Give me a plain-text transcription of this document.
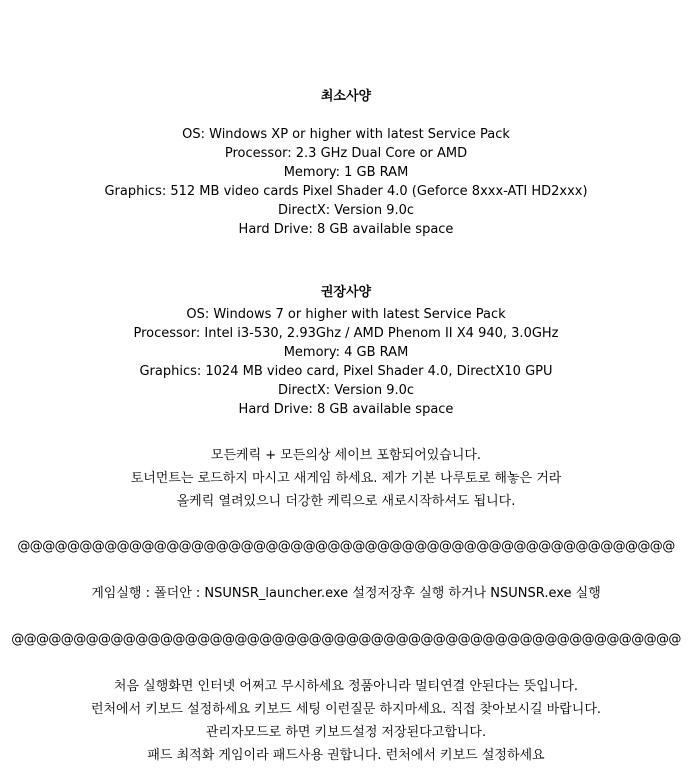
최소사양
OS: Windows XP or higher with latest Service Pack
Processor: 2.3 GHz Dual Core or AMD
Memory: 1 GB RAM
Graphics: 512 MB video cards Pixel Shader 4.0 (Geforce 8xxx-ATI HD2xxx)
DirectX: Version 9.0c
Hard Drive: 8 GB available space
권장사양
OS: Windows 7 or higher with latest Service Pack
Processor: Intel i3-530, 2.93Ghz / AMD Phenom II X4 940, 3.0GHz
Memory: 4 GB RAM
Graphics: 1024 MB video card, Pixel Shader 4.0, DirectX10 GPU
DirectX: Version 9.0c
Hard Drive: 8 GB available space
모든케릭 + 모든의상 세이브 포함되어있습니다.
토너먼트는 로드하지 마시고 새게임 하세요. 제가 기본 나루토로 해놓은 거라
올케릭 열려있으니 더강한 케릭으로 새로시작하셔도 됩니다.
@@@@@@@@@@@@@@@@@@@@@@@@@@@@@@@@@@@@@@@@@@@@@@@@@@@@@
게임실행 : 폴더안 : NSUNSR_launcher.exe 설정저장후 실행 하거나 NSUNSR.exe 실행
@@@@@@@@@@@@@@@@@@@@@@@@@@@@@@@@@@@@@@@@@@@@@@@@@@@@@@
처음 실행화면 인터넷 어쩌고 무시하세요 정품아니라 멀티연결 안된다는 뜻입니다.
런처에서 키보드 설정하세요 키보드 세팅 이런질문 하지마세요. 직접 찾아보시길 바랍니다.
관리자모드로 하면 키보드설정 저장된다고합니다.
패드 최적화 게임이라 패드사용 권합니다. 런처에서 키보드 설정하세요
